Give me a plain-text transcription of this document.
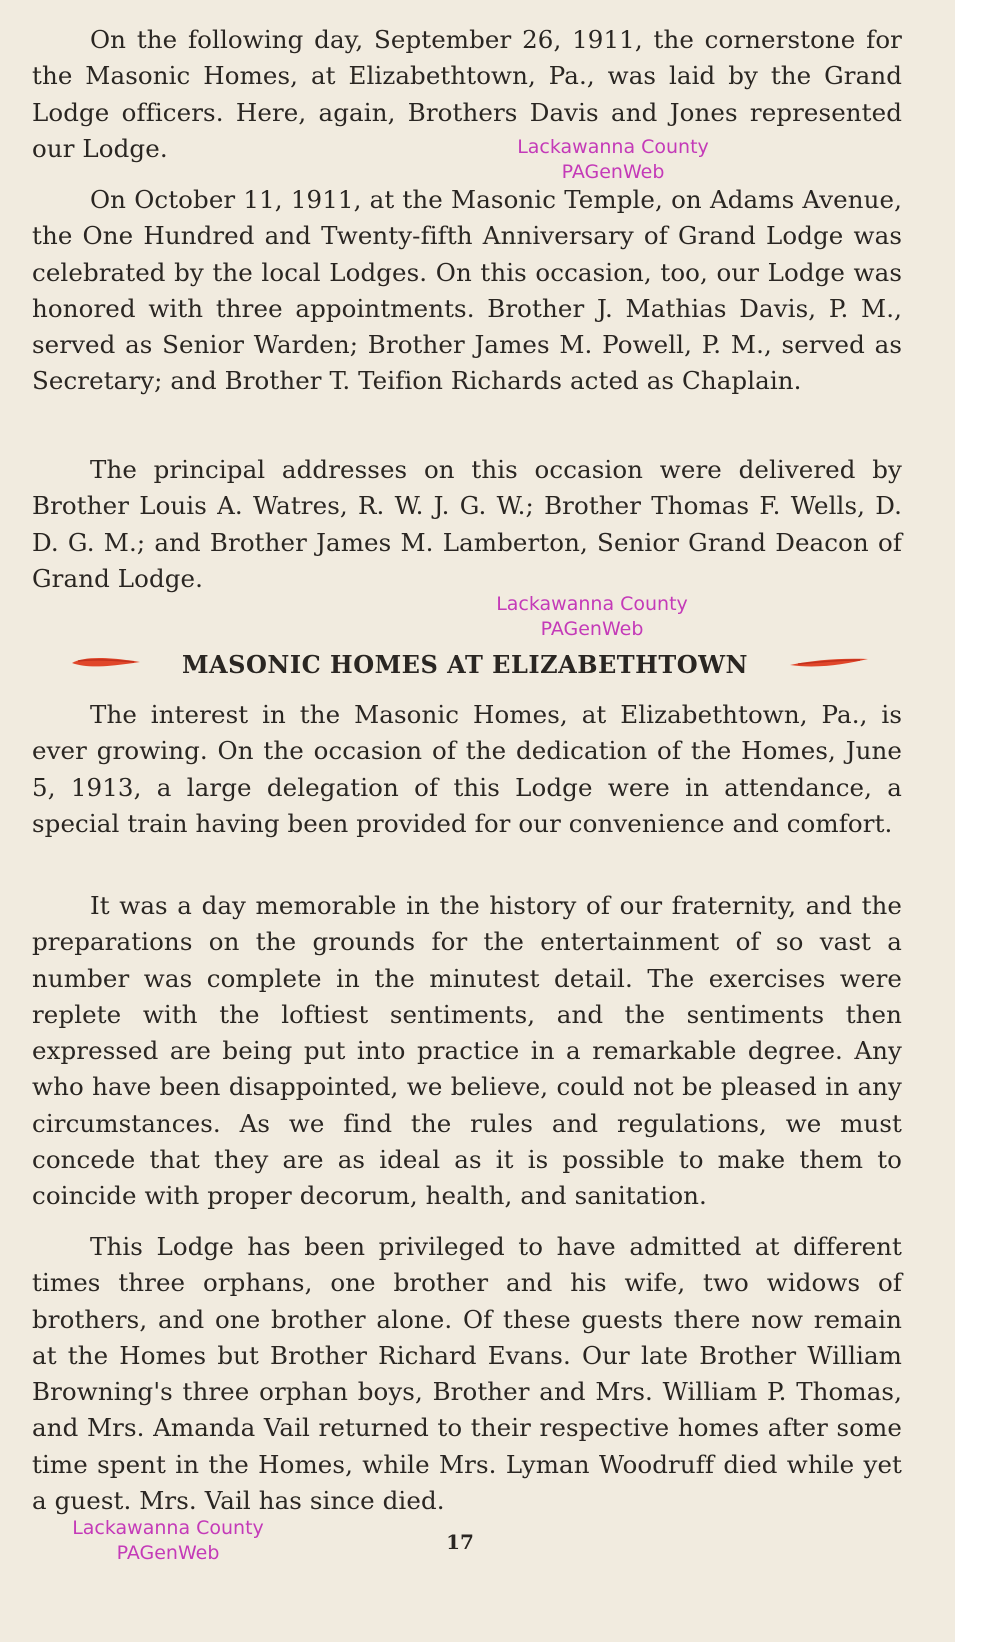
On the following day, September 26, 1911, the cornerstone for the Masonic Homes, at Elizabethtown, Pa., was laid by the Grand Lodge officers. Here, again, Brothers Davis and Jones represented our Lodge.	Lackawanna County
PAGenWeb

On October 11, 1911, at the Masonic Temple, on Adams Avenue, the One Hundred and Twenty-fifth Anniversary of Grand Lodge was celebrated by the local Lodges. On this occasion, too, our Lodge was honored with three appointments. Brother J. Mathias Davis, P. M., served as Senior Warden; Brother James M. Powell, P. M., served as Secretary; and Brother T. Teifion Richards acted as Chaplain.

The principal addresses on this occasion were delivered by Brother Louis A. Watres, R. W. J. G. W.; Brother Thomas F. Wells, D. D. G. M.; and Brother James M. Lamberton, Senior Grand Deacon of Grand Lodge.

Lackawanna County
PAGenWeb
MASONIC HOMES AT ELIZABETHTOWN

The interest in the Masonic Homes, at Elizabethtown, Pa., is ever growing. On the occasion of the dedication of the Homes, June 5, 1913, a large delegation of this Lodge were in attendance, a special train having been provided for our convenience and comfort.

It was a day memorable in the history of our fraternity, and the preparations on the grounds for the entertainment of so vast a number was complete in the minutest detail. The exercises were replete with the loftiest sentiments, and the sentiments then expressed are being put into practice in a remarkable degree. Any who have been disappointed, we believe, could not be pleased in any circumstances. As we find the rules and regulations, we must concede that they are as ideal as it is possible to make them to coincide with proper decorum, health, and sanitation.

This Lodge has been privileged to have admitted at different times three orphans, one brother and his wife, two widows of brothers, and one brother alone. Of these guests there now remain at the Homes but Brother Richard Evans. Our late Brother William Browning's three orphan boys, Brother and Mrs. William P. Thomas, and Mrs. Amanda Vail returned to their respective homes after some time spent in the Homes, while Mrs. Lyman Woodruff died while yet a guest. Mrs. Vail has since died.

Lackawanna County
PAGenWeb	17
